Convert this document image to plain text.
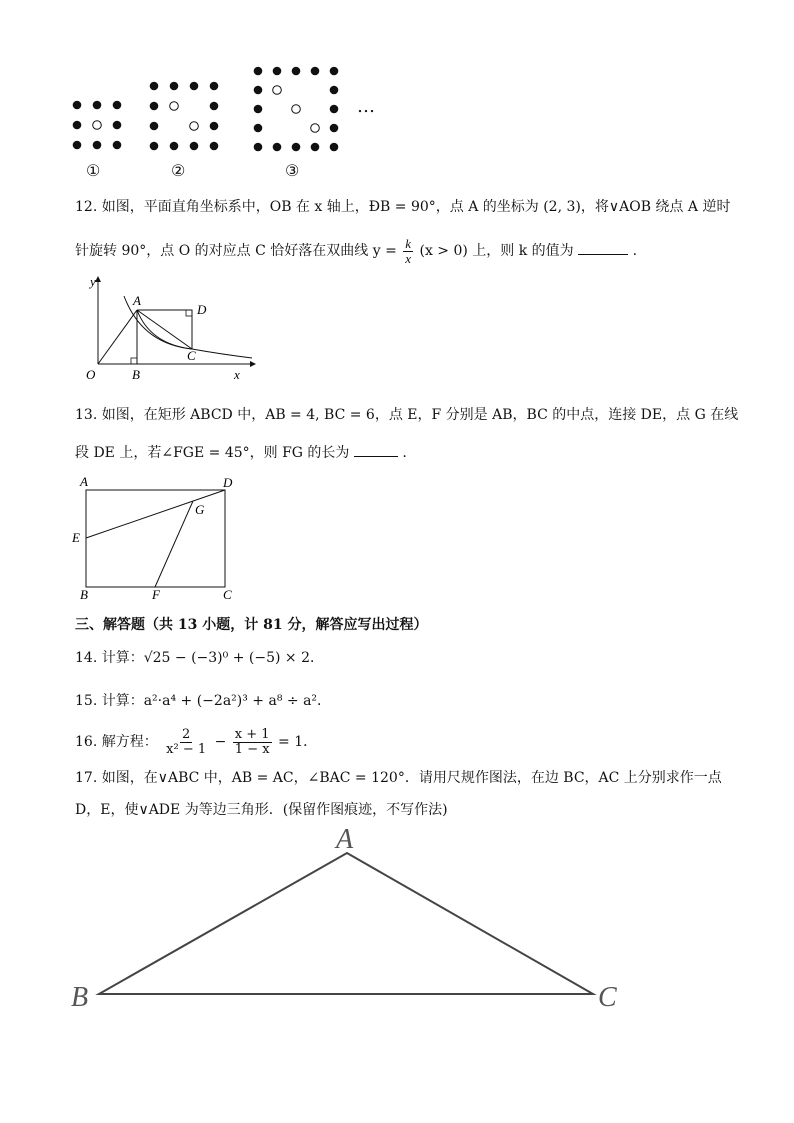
…
①	②	③
12. 如图，平面直角坐标系中，OB 在 x 轴上，ÐB = 90°，点 A 的坐标为 (2, 3)，将∨AOB 绕点 A 逆时
针旋转 90°，点 O 的对应点 C 恰好落在双曲线 $y = \frac{k}{x} (x > 0)$ 上，则 k 的值为	.
y
x
O
A
B
C
D
13. 如图，在矩形 ABCD 中，AB = 4, BC = 6，点 E，F 分别是 AB，BC 的中点，连接 DE，点 G 在线
段 DE 上，若∠FGE = 45°，则 FG 的长为	.
A	D
G
E
B	F	C
三、解答题（共 13 小题，计 81 分，解答应写出过程）
14. 计算：√25 − (−3)⁰ + (−5) × 2．
15. 计算：a²·a⁴ + (−2a²)³ + a⁸ ÷ a²．
16. 解方程： $\frac{2}{\text{x² − 1}} - \frac{x + 1}{1 - x} = 1$．
17. 如图，在∨ABC 中，AB = AC，∠BAC = 120°．请用尺规作图法，在边 BC，AC 上分别求作一点
D，E，使∨ADE 为等边三角形．(保留作图痕迹，不写作法)
A
B	C
